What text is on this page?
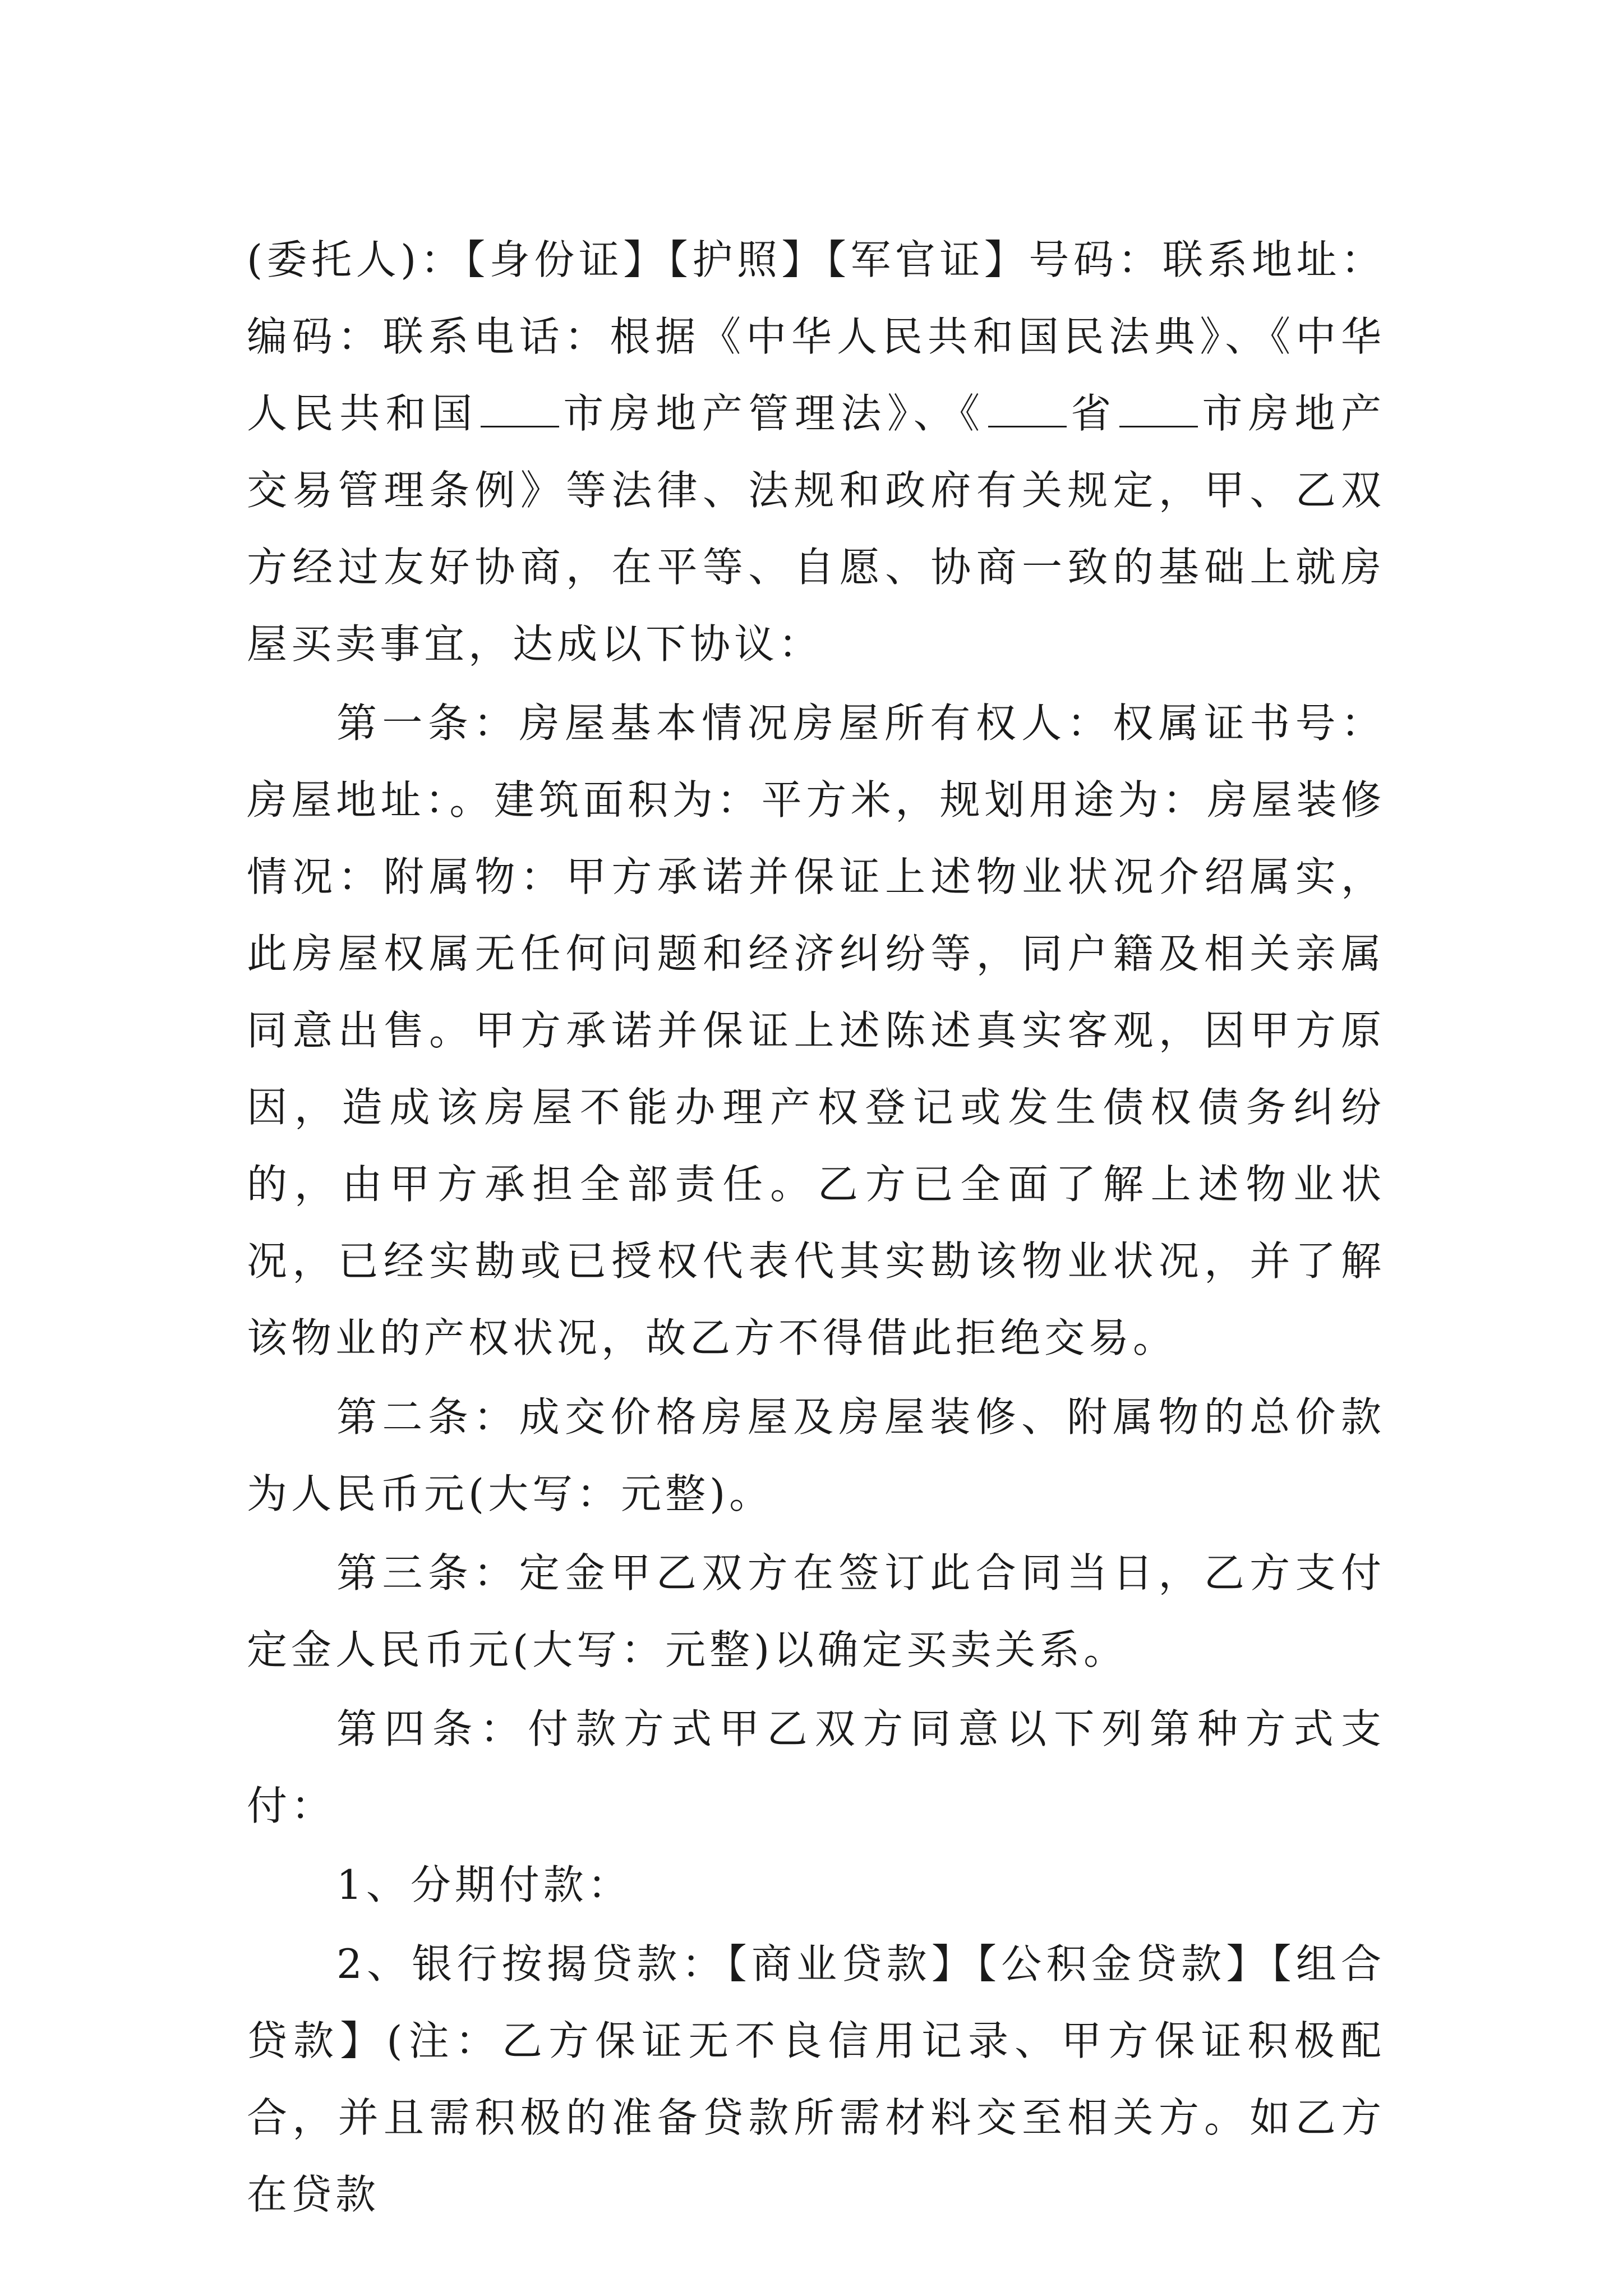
(委托人)：【身份证】【护照】【军官证】号码：联系地址：编码：联系电话：根据《中华人民共和国民法典》、《中华人民共和国 市房地产管理法》、《 省 市房地产交易管理条例》等法律、法规和政府有关规定，甲、乙双方经过友好协商，在平等、自愿、协商一致的基础上就房屋买卖事宜，达成以下协议：

第一条：房屋基本情况房屋所有权人：权属证书号：房屋地址：。建筑面积为：平方米，规划用途为：房屋装修情况：附属物：甲方承诺并保证上述物业状况介绍属实，此房屋权属无任何问题和经济纠纷等，同户籍及相关亲属同意出售。甲方承诺并保证上述陈述真实客观，因甲方原因，造成该房屋不能办理产权登记或发生债权债务纠纷的，由甲方承担全部责任。乙方已全面了解上述物业状况，已经实勘或已授权代表代其实勘该物业状况，并了解该物业的产权状况，故乙方不得借此拒绝交易。

第二条：成交价格房屋及房屋装修、附属物的总价款为人民币元(大写：元整)。

第三条：定金甲乙双方在签订此合同当日，乙方支付定金人民币元(大写：元整)以确定买卖关系。

第四条：付款方式甲乙双方同意以下列第种方式支付：

1、分期付款：

2、银行按揭贷款：【商业贷款】【公积金贷款】【组合贷款】(注：乙方保证无不良信用记录、甲方保证积极配合，并且需积极的准备贷款所需材料交至相关方。如乙方在贷款
